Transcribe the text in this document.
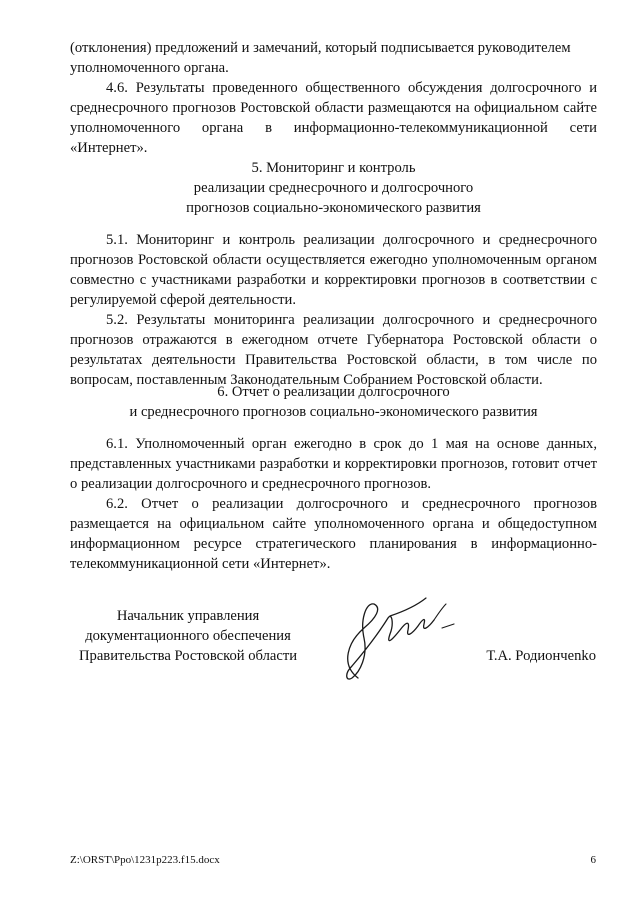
(отклонения) предложений и замечаний, который подписывается руководителем

уполномоченного органа.

4.6. Результаты проведенного общественного обсуждения долгосрочного и среднесрочного прогнозов Ростовской области размещаются на официальном сайте уполномоченного органа в информационно-телекоммуникационной сети «Интернет».

5. Мониторинг и контроль
реализации среднесрочного и долгосрочного
прогнозов социально-экономического развития

5.1. Мониторинг и контроль реализации долгосрочного и среднесрочного прогнозов Ростовской области осуществляется ежегодно уполномоченным органом совместно с участниками разработки и корректировки прогнозов в соответствии с регулируемой сферой деятельности.

5.2. Результаты мониторинга реализации долгосрочного и среднесрочного прогнозов отражаются в ежегодном отчете Губернатора Ростовской области о результатах деятельности Правительства Ростовской области, в том числе по вопросам, поставленным Законодательным Собранием Ростовской области.

6. Отчет о реализации долгосрочного
и среднесрочного прогнозов социально-экономического развития

6.1. Уполномоченный орган ежегодно в срок до 1 мая на основе данных, представленных участниками разработки и корректировки прогнозов, готовит отчет о реализации долгосрочного и среднесрочного прогнозов.

6.2. Отчет о реализации долгосрочного и среднесрочного прогнозов размещается на официальном сайте уполномоченного органа и общедоступном информационном ресурсе стратегического планирования в информационно-телекоммуникационной сети «Интернет».

Начальник управления
документационного обеспечения
Правительства Ростовской области	Т.А. Родиончenko
Z:\ORST\Ppo\1231p223.f15.docx	6
